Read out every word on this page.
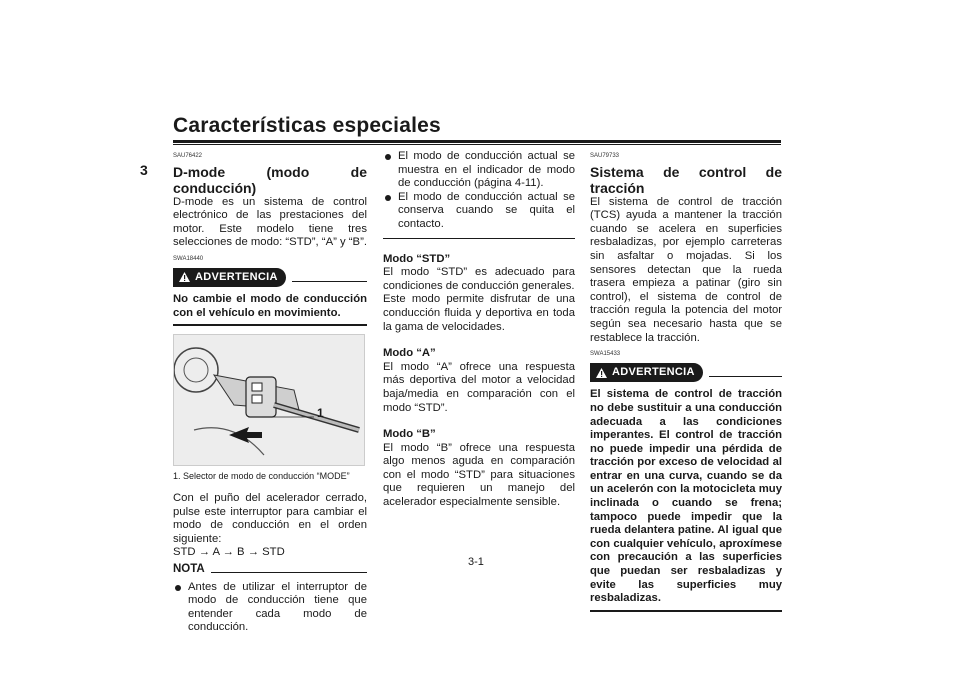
Características especiales
3

SAU76422

D-mode (modo de conducción)

D-mode es un sistema de control electrónico de las prestaciones del motor. Este modelo tiene tres selecciones de modo: “STD”, “A” y “B”.

SWA18440

ADVERTENCIA

No cambie el modo de conducción con el vehículo en movimiento.

1

1. Selector de modo de conducción “MODE”

Con el puño del acelerador cerrado, pulse este interruptor para cambiar el modo de conducción en el orden siguiente:

STD → A → B → STD

NOTA
Antes de utilizar el interruptor de modo de conducción tiene que entender cada modo de conducción.
El modo de conducción actual se muestra en el indicador de modo de conducción (página 4-11).
El modo de conducción actual se conserva cuando se quita el contacto.

Modo “STD”

El modo “STD” es adecuado para condiciones de conducción generales.

Este modo permite disfrutar de una conducción fluida y deportiva en toda la gama de velocidades.

Modo “A”

El modo “A” ofrece una respuesta más deportiva del motor a velocidad baja/media en comparación con el modo “STD”.

Modo “B”

El modo “B” ofrece una respuesta algo menos aguda en comparación con el modo “STD” para situaciones que requieren un manejo del acelerador especialmente sensible.

SAU79733

Sistema de control de tracción

El sistema de control de tracción (TCS) ayuda a mantener la tracción cuando se acelera en superficies resbaladizas, por ejemplo carreteras sin asfaltar o mojadas. Si los sensores detectan que la rueda trasera empieza a patinar (giro sin control), el sistema de control de tracción regula la potencia del motor según sea necesario hasta que se restablece la tracción.

SWA15433

ADVERTENCIA

El sistema de control de tracción no debe sustituir a una conducción adecuada a las condiciones imperantes. El control de tracción no puede impedir una pérdida de tracción por exceso de velocidad al entrar en una curva, cuando se da un acelerón con la motocicleta muy inclinada o cuando se frena; tampoco puede impedir que la rueda delantera patine. Al igual que con cualquier vehículo, aproxímese con precaución a las superficies que puedan ser resbaladizas y evite las superficies muy resbaladizas.

3-1
